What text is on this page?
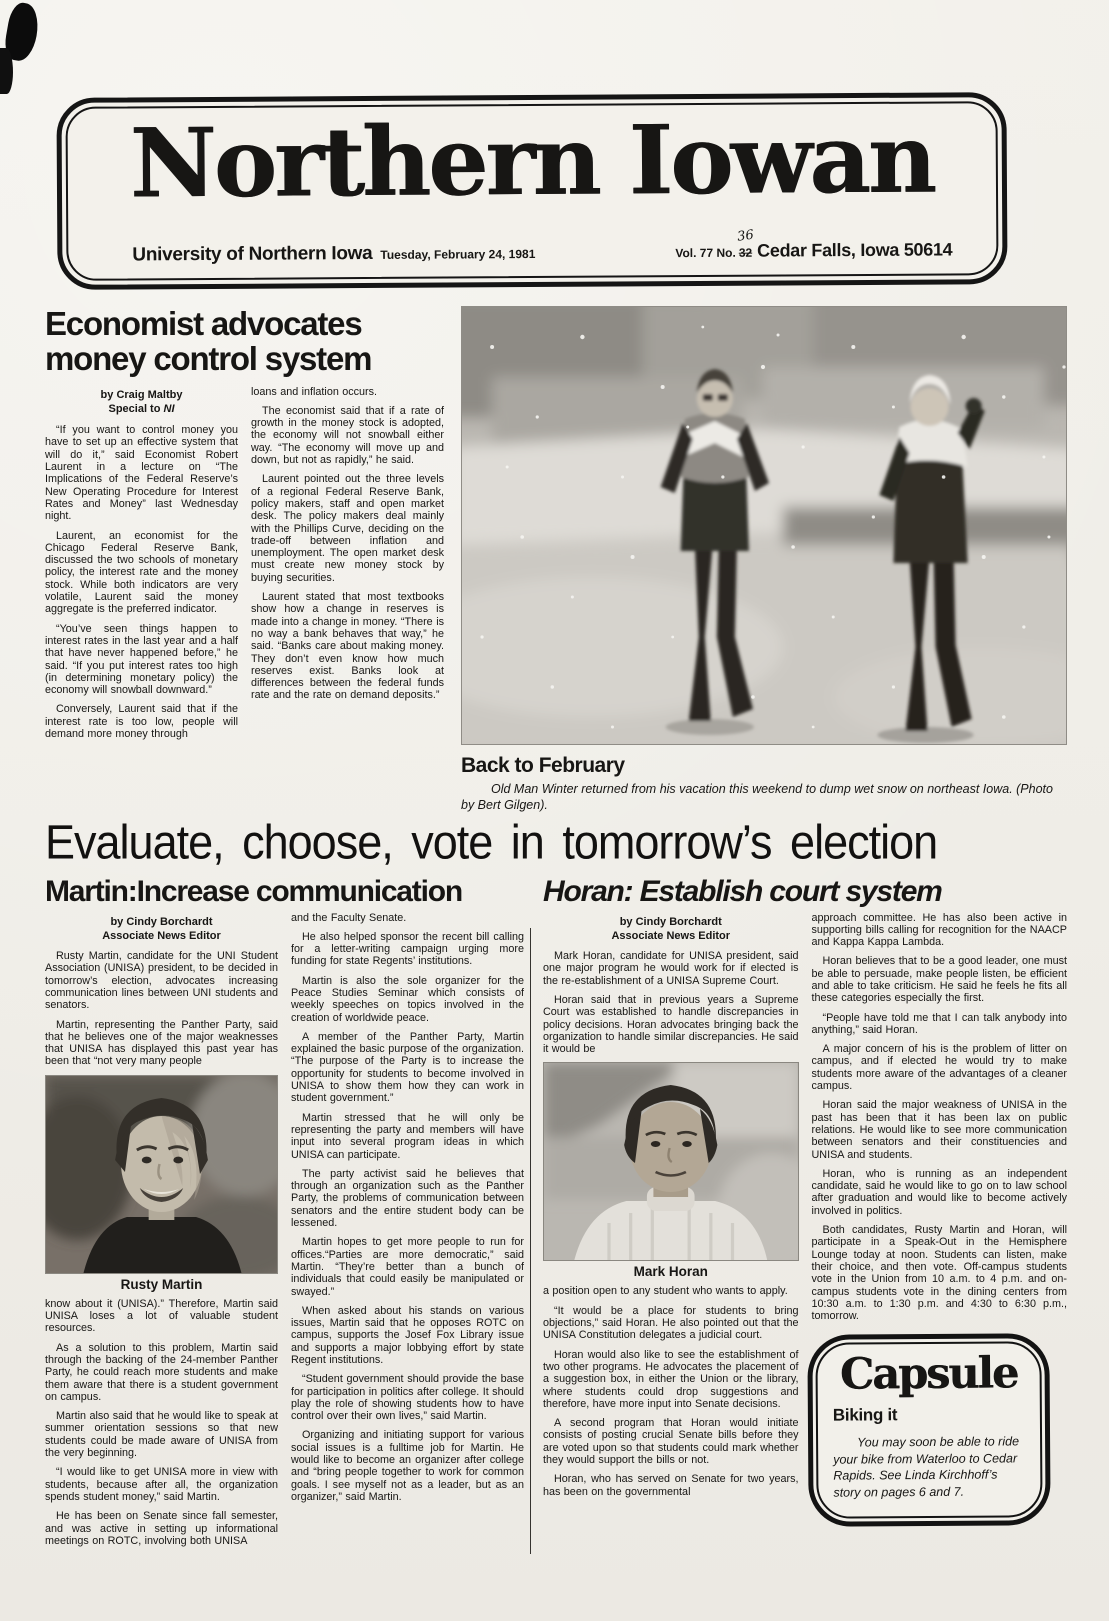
Northern Iowan
University of Northern Iowa Tuesday, February 24, 1981	Vol. 77 No. 32
36
Cedar Falls, Iowa 50614
Economist advocates
money control system
by Craig Maltby
Special to NI

“If you want to control money you have to set up an effective system that will do it,” said Economist Robert Laurent in a lecture on “The Implications of the Federal Reserve’s New Operating Procedure for Interest Rates and Money” last Wednesday night.

Laurent, an economist for the Chicago Federal Reserve Bank, discussed the two schools of monetary policy, the interest rate and the money stock. While both indicators are very volatile, Laurent said the money aggregate is the preferred indicator.

“You’ve seen things happen to interest rates in the last year and a half that have never happened before,” he said. “If you put interest rates too high (in determining monetary policy) the economy will snowball downward.”

Conversely, Laurent said that if the interest rate is too low, people will demand more money through

loans and inflation occurs.

The economist said that if a rate of growth in the money stock is adopted, the economy will not snowball either way. “The economy will move up and down, but not as rapidly,” he said.

Laurent pointed out the three levels of a regional Federal Reserve Bank, policy makers, staff and open market desk. The policy makers deal mainly with the Phillips Curve, deciding on the trade-off between inflation and unemployment. The open market desk must create new money stock by buying securities.

Laurent stated that most textbooks show how a change in reserves is made into a change in money. “There is no way a bank behaves that way,” he said. “Banks care about making money. They don’t even know how much reserves exist. Banks look at differences between the federal funds rate and the rate on demand deposits.”

Back to February
Old Man Winter returned from his vacation this weekend to dump wet snow on northeast Iowa. (Photo by Bert Gilgen).
Evaluate, choose, vote in tomorrow’s election
Martin:Increase communication
by Cindy Borchardt
Associate News Editor

Rusty Martin, candidate for the UNI Student Association (UNISA) president, to be decided in tomorrow’s election, advocates increasing communication lines between UNI students and senators.

Martin, representing the Panther Party, said that he believes one of the major weaknesses that UNISA has displayed this past year has been that “not very many people

Rusty Martin

know about it (UNISA).” Therefore, Martin said UNISA loses a lot of valuable student resources.

As a solution to this problem, Martin said through the backing of the 24-member Panther Party, he could reach more students and make them aware that there is a student government on campus.

Martin also said that he would like to speak at summer orientation sessions so that new students could be made aware of UNISA from the very beginning.

“I would like to get UNISA more in view with students, because after all, the organization spends student money,” said Martin.

He has been on Senate since fall semester, and was active in setting up informational meetings on ROTC, involving both UNISA

and the Faculty Senate.

He also helped sponsor the recent bill calling for a letter-writing campaign urging more funding for state Regents’ institutions.

Martin is also the sole organizer for the Peace Studies Seminar which consists of weekly speeches on topics involved in the creation of worldwide peace.

A member of the Panther Party, Martin explained the basic purpose of the organization. “The purpose of the Party is to increase the opportunity for students to become involved in UNISA to show them how they can work in student government.”

Martin stressed that he will only be representing the party and members will have input into several program ideas in which UNISA can participate.

The party activist said he believes that through an organization such as the Panther Party, the problems of communication between senators and the entire student body can be lessened.

Martin hopes to get more people to run for offices.“Parties are more democratic,” said Martin. “They’re better than a bunch of individuals that could easily be manipulated or swayed.”

When asked about his stands on various issues, Martin said that he opposes ROTC on campus, supports the Josef Fox Library issue and supports a major lobbying effort by state Regent institutions.

“Student government should provide the base for participation in politics after college. It should play the role of showing students how to have control over their own lives,” said Martin.

Organizing and initiating support for various social issues is a fulltime job for Martin. He would like to become an organizer after college and “bring people together to work for common goals. I see myself not as a leader, but as an organizer,” said Martin.

Horan: Establish court system
by Cindy Borchardt
Associate News Editor

Mark Horan, candidate for UNISA president, said one major program he would work for if elected is the re-establishment of a UNISA Supreme Court.

Horan said that in previous years a Supreme Court was established to handle discrepancies in policy decisions. Horan advocates bringing back the organization to handle similar discrepancies. He said it would be

Mark Horan

a position open to any student who wants to apply.

“It would be a place for students to bring objections,” said Horan. He also pointed out that the UNISA Constitution delegates a judicial court.

Horan would also like to see the establishment of two other programs. He advocates the placement of a suggestion box, in either the Union or the library, where students could drop suggestions and therefore, have more input into Senate decisions.

A second program that Horan would initiate consists of posting crucial Senate bills before they are voted upon so that students could mark whether they would support the bills or not.

Horan, who has served on Senate for two years, has been on the governmental

approach committee. He has also been active in supporting bills calling for recognition for the NAACP and Kappa Kappa Lambda.

Horan believes that to be a good leader, one must be able to persuade, make people listen, be efficient and able to take criticism. He said he feels he fits all these categories especially the first.

“People have told me that I can talk anybody into anything,” said Horan.

A major concern of his is the problem of litter on campus, and if elected he would try to make students more aware of the advantages of a cleaner campus.

Horan said the major weakness of UNISA in the past has been that it has been lax on public relations. He would like to see more communication between senators and their constituencies and UNISA and students.

Horan, who is running as an independent candidate, said he would like to go on to law school after graduation and would like to become actively involved in politics.

Both candidates, Rusty Martin and Horan, will participate in a Speak-Out in the Hemisphere Lounge today at noon. Students can listen, make their choice, and then vote. Off-campus students vote in the Union from 10 a.m. to 4 p.m. and on-campus students vote in the dining centers from 10:30 a.m. to 1:30 p.m. and 4:30 to 6:30 p.m., tomorrow.

Capsule
Biking it
You may soon be able to ride your bike from Waterloo to Cedar Rapids. See Linda Kirchhoff’s story on pages 6 and 7.
